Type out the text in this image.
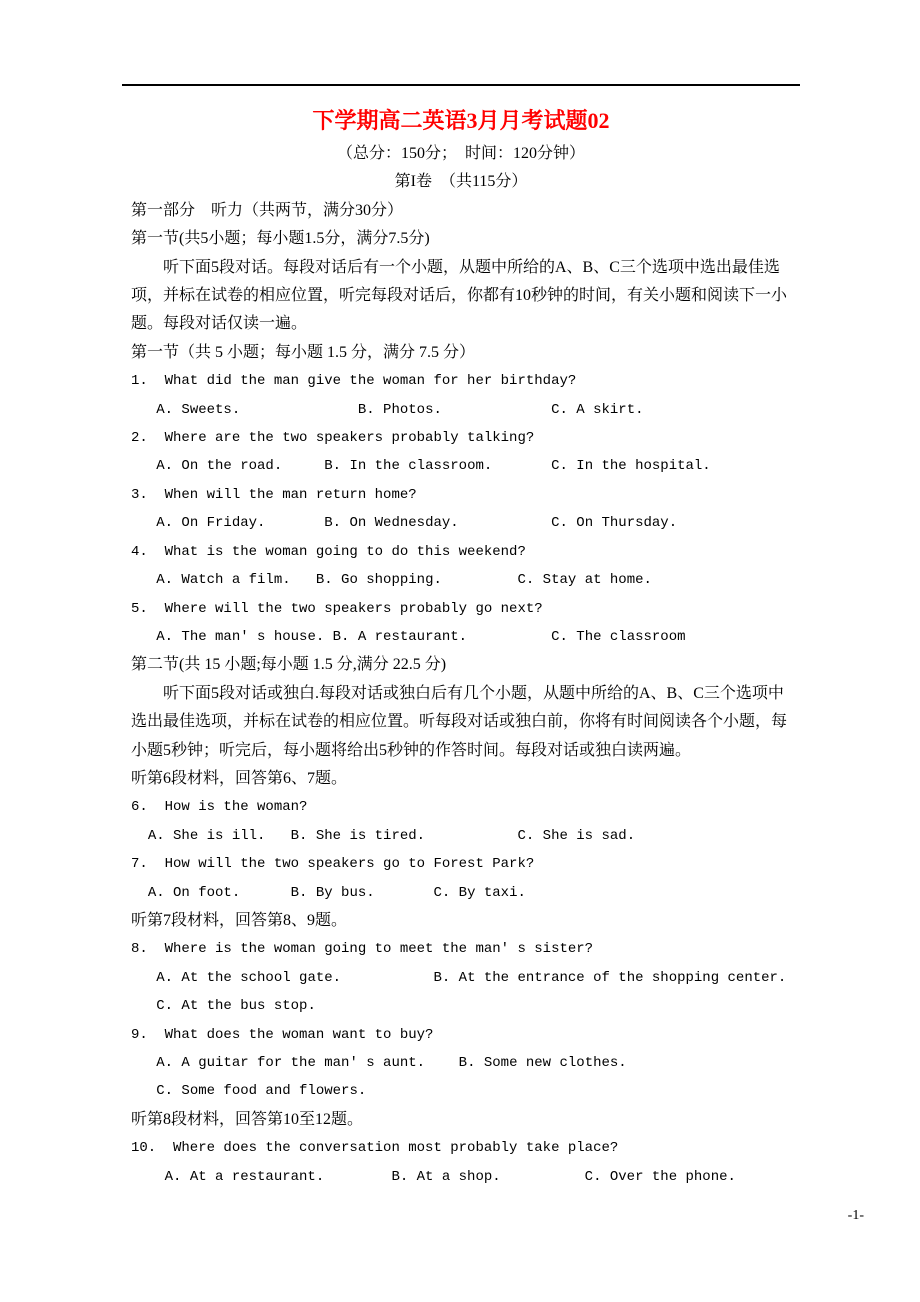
下学期高二英语3月月考试题02
（总分：150分；  时间：120分钟）
第I卷  （共115分）
第一部分　听力（共两节，满分30分）
第一节(共5小题；每小题1.5分，满分7.5分)
听下面5段对话。每段对话后有一个小题，从题中所给的A、B、C三个选项中选出最佳选项，并标在试卷的相应位置，听完每段对话后，你都有10秒钟的时间，有关小题和阅读下一小题。每段对话仅读一遍。
第一节（共 5 小题；每小题 1.5 分，满分 7.5 分）
1.  What did the man give the woman for her birthday?
A. Sweets.              B. Photos.             C. A skirt.
2.  Where are the two speakers probably talking?
A. On the road.     B. In the classroom.       C. In the hospital.
3.  When will the man return home?
A. On Friday.       B. On Wednesday.           C. On Thursday.
4.  What is the woman going to do this weekend?
A. Watch a film.   B. Go shopping.         C. Stay at home.
5.  Where will the two speakers probably go next?
A. The man' s house. B. A restaurant.          C. The classroom
第二节(共 15 小题;每小题 1.5 分,满分 22.5 分)
听下面5段对话或独白.每段对话或独白后有几个小题，从题中所给的A、B、C三个选项中选出最佳选项，并标在试卷的相应位置。听每段对话或独白前，你将有时间阅读各个小题，每小题5秒钟；听完后，每小题将给出5秒钟的作答时间。每段对话或独白读两遍。
听第6段材料，回答第6、7题。
6.  How is the woman?
A. She is ill.   B. She is tired.           C. She is sad.
7.  How will the two speakers go to Forest Park?
A. On foot.      B. By bus.       C. By taxi.
听第7段材料，回答第8、9题。
8.  Where is the woman going to meet the man' s sister?
A. At the school gate.           B. At the entrance of the shopping center.
C. At the bus stop.
9.  What does the woman want to buy?
A. A guitar for the man' s aunt.    B. Some new clothes.
C. Some food and flowers.
听第8段材料，回答第10至12题。
10.  Where does the conversation most probably take place?
A. At a restaurant.        B. At a shop.          C. Over the phone.
-1-
